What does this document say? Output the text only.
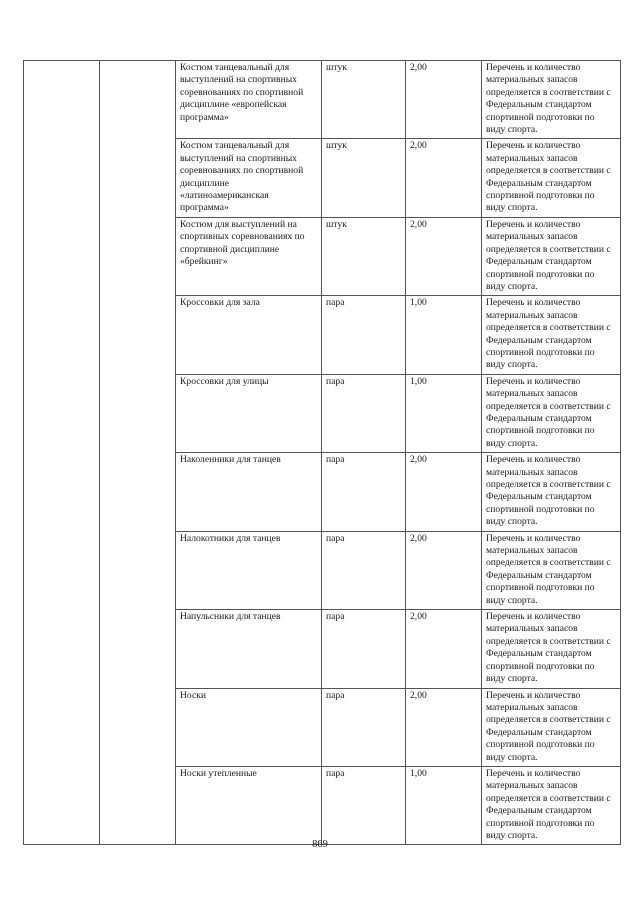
		Костюм танцевальный для выступлений на спортивных соревнованиях по спортивной дисциплине «европейская программа»	штук	2,00	Перечень и количество материальных запасов определяется в соответствии с Федеральным стандартом спортивной подготовки по виду спорта.
		Костюм танцевальный для выступлений на спортивных соревнованиях по спортивной дисциплине «латиноамериканская программа»	штук	2,00	Перечень и количество материальных запасов определяется в соответствии с Федеральным стандартом спортивной подготовки по виду спорта.
		Костюм для выступлений на спортивных соревнованиях по спортивной дисциплине «брейкинг»	штук	2,00	Перечень и количество материальных запасов определяется в соответствии с Федеральным стандартом спортивной подготовки по виду спорта.
		Кроссовки для зала	пара	1,00	Перечень и количество материальных запасов определяется в соответствии с Федеральным стандартом спортивной подготовки по виду спорта.
		Кроссовки для улицы	пара	1,00	Перечень и количество материальных запасов определяется в соответствии с Федеральным стандартом спортивной подготовки по виду спорта.
		Наколенники для танцев	пара	2,00	Перечень и количество материальных запасов определяется в соответствии с Федеральным стандартом спортивной подготовки по виду спорта.
		Налокотники для танцев	пара	2,00	Перечень и количество материальных запасов определяется в соответствии с Федеральным стандартом спортивной подготовки по виду спорта.
		Напульсники для танцев	пара	2,00	Перечень и количество материальных запасов определяется в соответствии с Федеральным стандартом спортивной подготовки по виду спорта.
		Носки	пара	2,00	Перечень и количество материальных запасов определяется в соответствии с Федеральным стандартом спортивной подготовки по виду спорта.
		Носки утепленные	пара	1,00	Перечень и количество материальных запасов определяется в соответствии с Федеральным стандартом спортивной подготовки по виду спорта.
869
